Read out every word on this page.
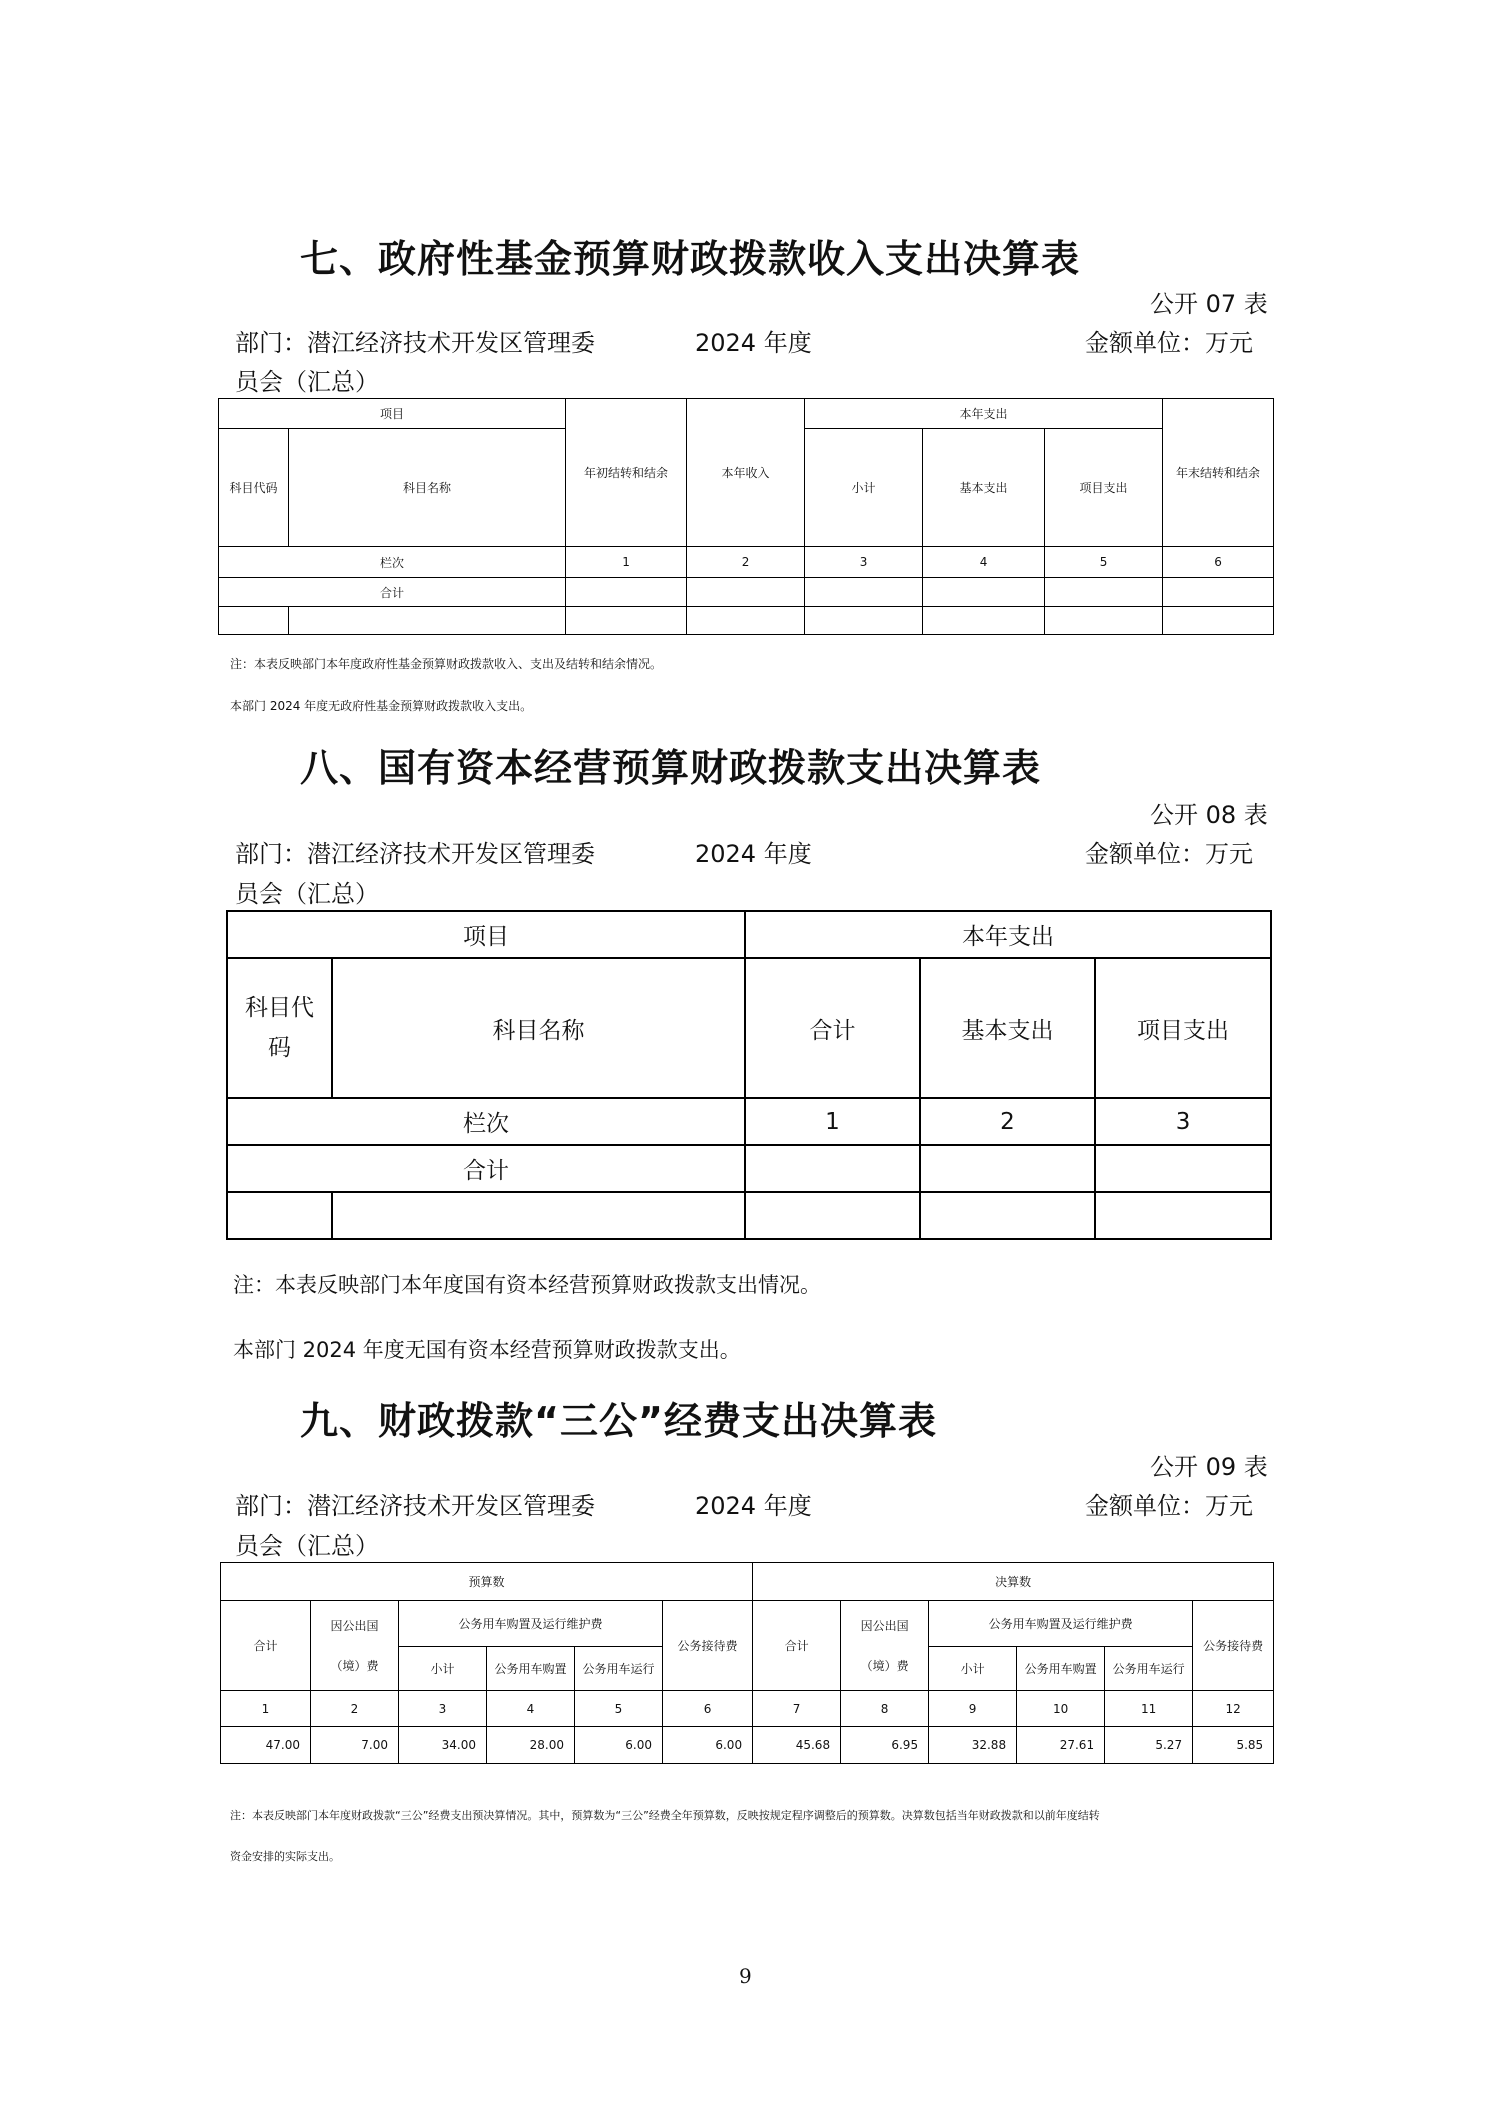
七、政府性基金预算财政拨款收入支出决算表
公开 07 表
部门：潜江经济技术开发区管理委
员会（汇总）
2024 年度	金额单位：万元
项目		年初结转和结余	本年收入	本年支出			年末结转和结余
科目代码	科目名称			小计	基本支出	项目支出	
栏次		1	2	3	4	5	6
合计							

注：本表反映部门本年度政府性基金预算财政拨款收入、支出及结转和结余情况。
本部门 2024 年度无政府性基金预算财政拨款收入支出。
八、国有资本经营预算财政拨款支出决算表
公开 08 表
部门：潜江经济技术开发区管理委
员会（汇总）
2024 年度	金额单位：万元
项目		本年支出		
科目代码	科目名称	合计	基本支出	项目支出
栏次		1	2	3
合计				

注：本表反映部门本年度国有资本经营预算财政拨款支出情况。
本部门 2024 年度无国有资本经营预算财政拨款支出。
九、财政拨款“三公”经费支出决算表
公开 09 表
部门：潜江经济技术开发区管理委
员会（汇总）
2024 年度	金额单位：万元
预算数						决算数					
合计	因公出国（境）费	公务用车购置及运行维护费			公务接待费	合计	因公出国（境）费	公务用车购置及运行维护费			公务接待费
		小计	公务用车购置	公务用车运行				小计	公务用车购置	公务用车运行	
1	2	3	4	5	6	7	8	9	10	11	12
47.00	7.00	34.00	28.00	6.00	6.00	45.68	6.95	32.88	27.61	5.27	5.85
注：本表反映部门本年度财政拨款“三公”经费支出预决算情况。其中，预算数为“三公”经费全年预算数，反映按规定程序调整后的预算数。决算数包括当年财政拨款和以前年度结转
资金安排的实际支出。
9
